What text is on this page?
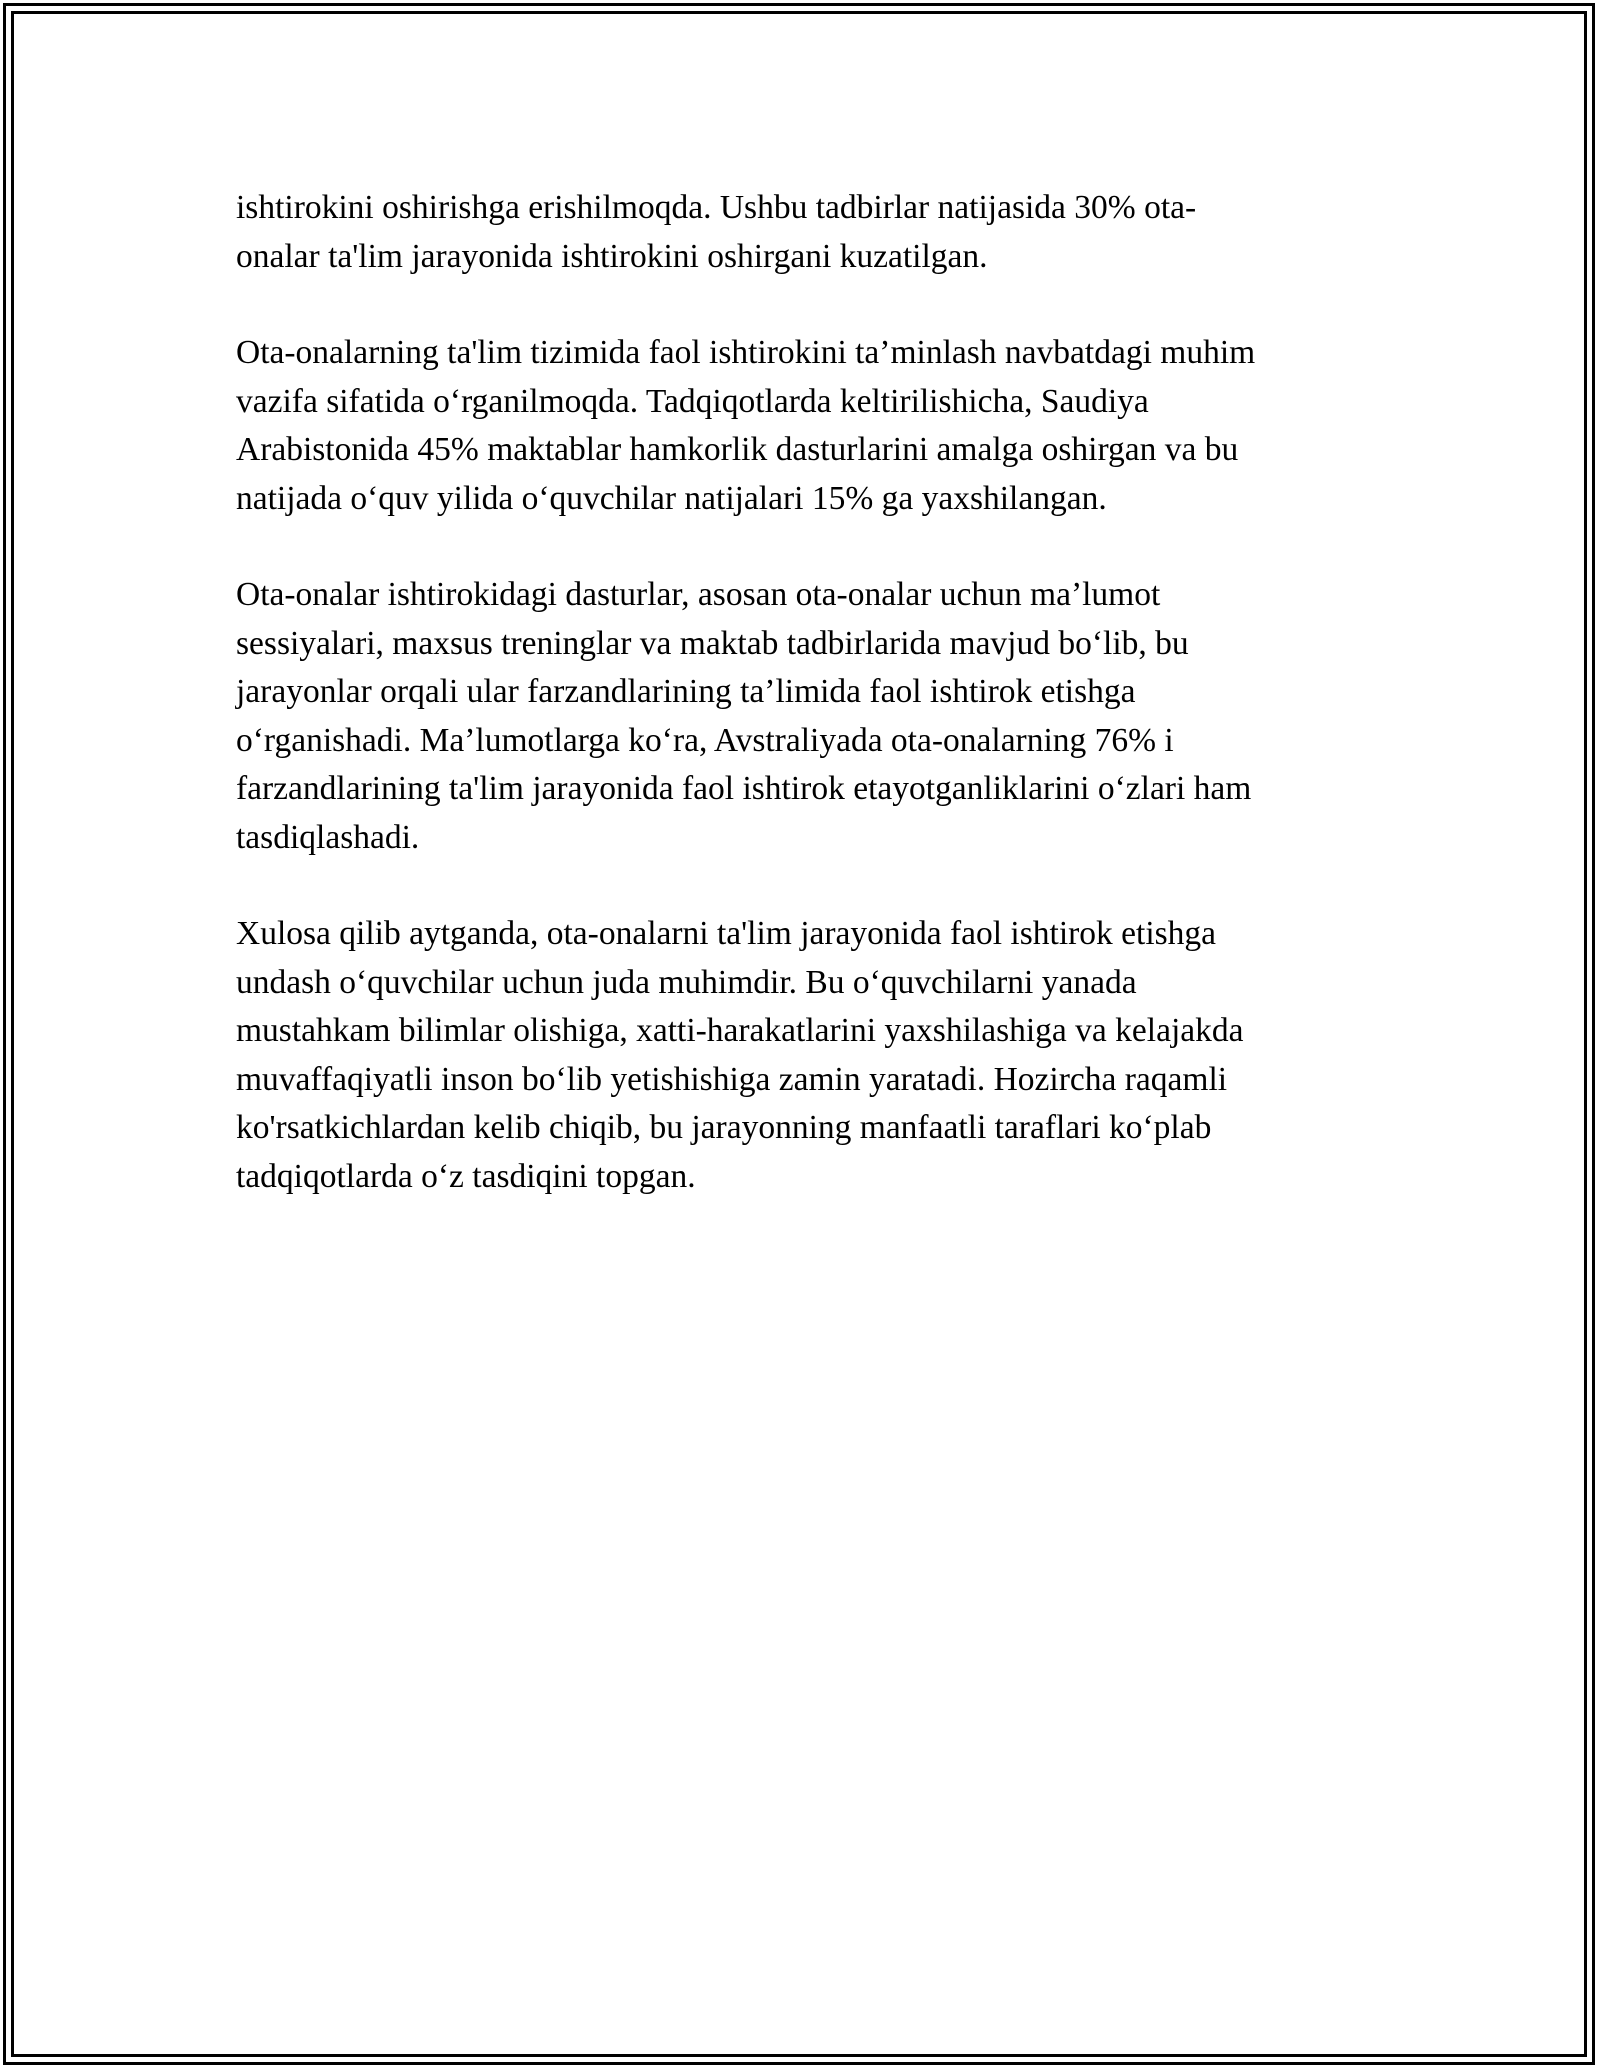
ishtirokini oshirishga erishilmoqda. Ushbu tadbirlar natijasida 30% ota-
onalar ta'lim jarayonida ishtirokini oshirgani kuzatilgan.

Ota-onalarning ta'lim tizimida faol ishtirokini ta’minlash navbatdagi muhim
vazifa sifatida o‘rganilmoqda. Tadqiqotlarda keltirilishicha, Saudiya
Arabistonida 45% maktablar hamkorlik dasturlarini amalga oshirgan va bu
natijada o‘quv yilida o‘quvchilar natijalari 15% ga yaxshilangan.

Ota-onalar ishtirokidagi dasturlar, asosan ota-onalar uchun ma’lumot
sessiyalari, maxsus treninglar va maktab tadbirlarida mavjud bo‘lib, bu
jarayonlar orqali ular farzandlarining ta’limida faol ishtirok etishga
o‘rganishadi. Ma’lumotlarga ko‘ra, Avstraliyada ota-onalarning 76% i
farzandlarining ta'lim jarayonida faol ishtirok etayotganliklarini o‘zlari ham
tasdiqlashadi.

Xulosa qilib aytganda, ota-onalarni ta'lim jarayonida faol ishtirok etishga
undash o‘quvchilar uchun juda muhimdir. Bu o‘quvchilarni yanada
mustahkam bilimlar olishiga, xatti-harakatlarini yaxshilashiga va kelajakda
muvaffaqiyatli inson bo‘lib yetishishiga zamin yaratadi. Hozircha raqamli
ko'rsatkichlardan kelib chiqib, bu jarayonning manfaatli taraflari ko‘plab
tadqiqotlarda o‘z tasdiqini topgan.
